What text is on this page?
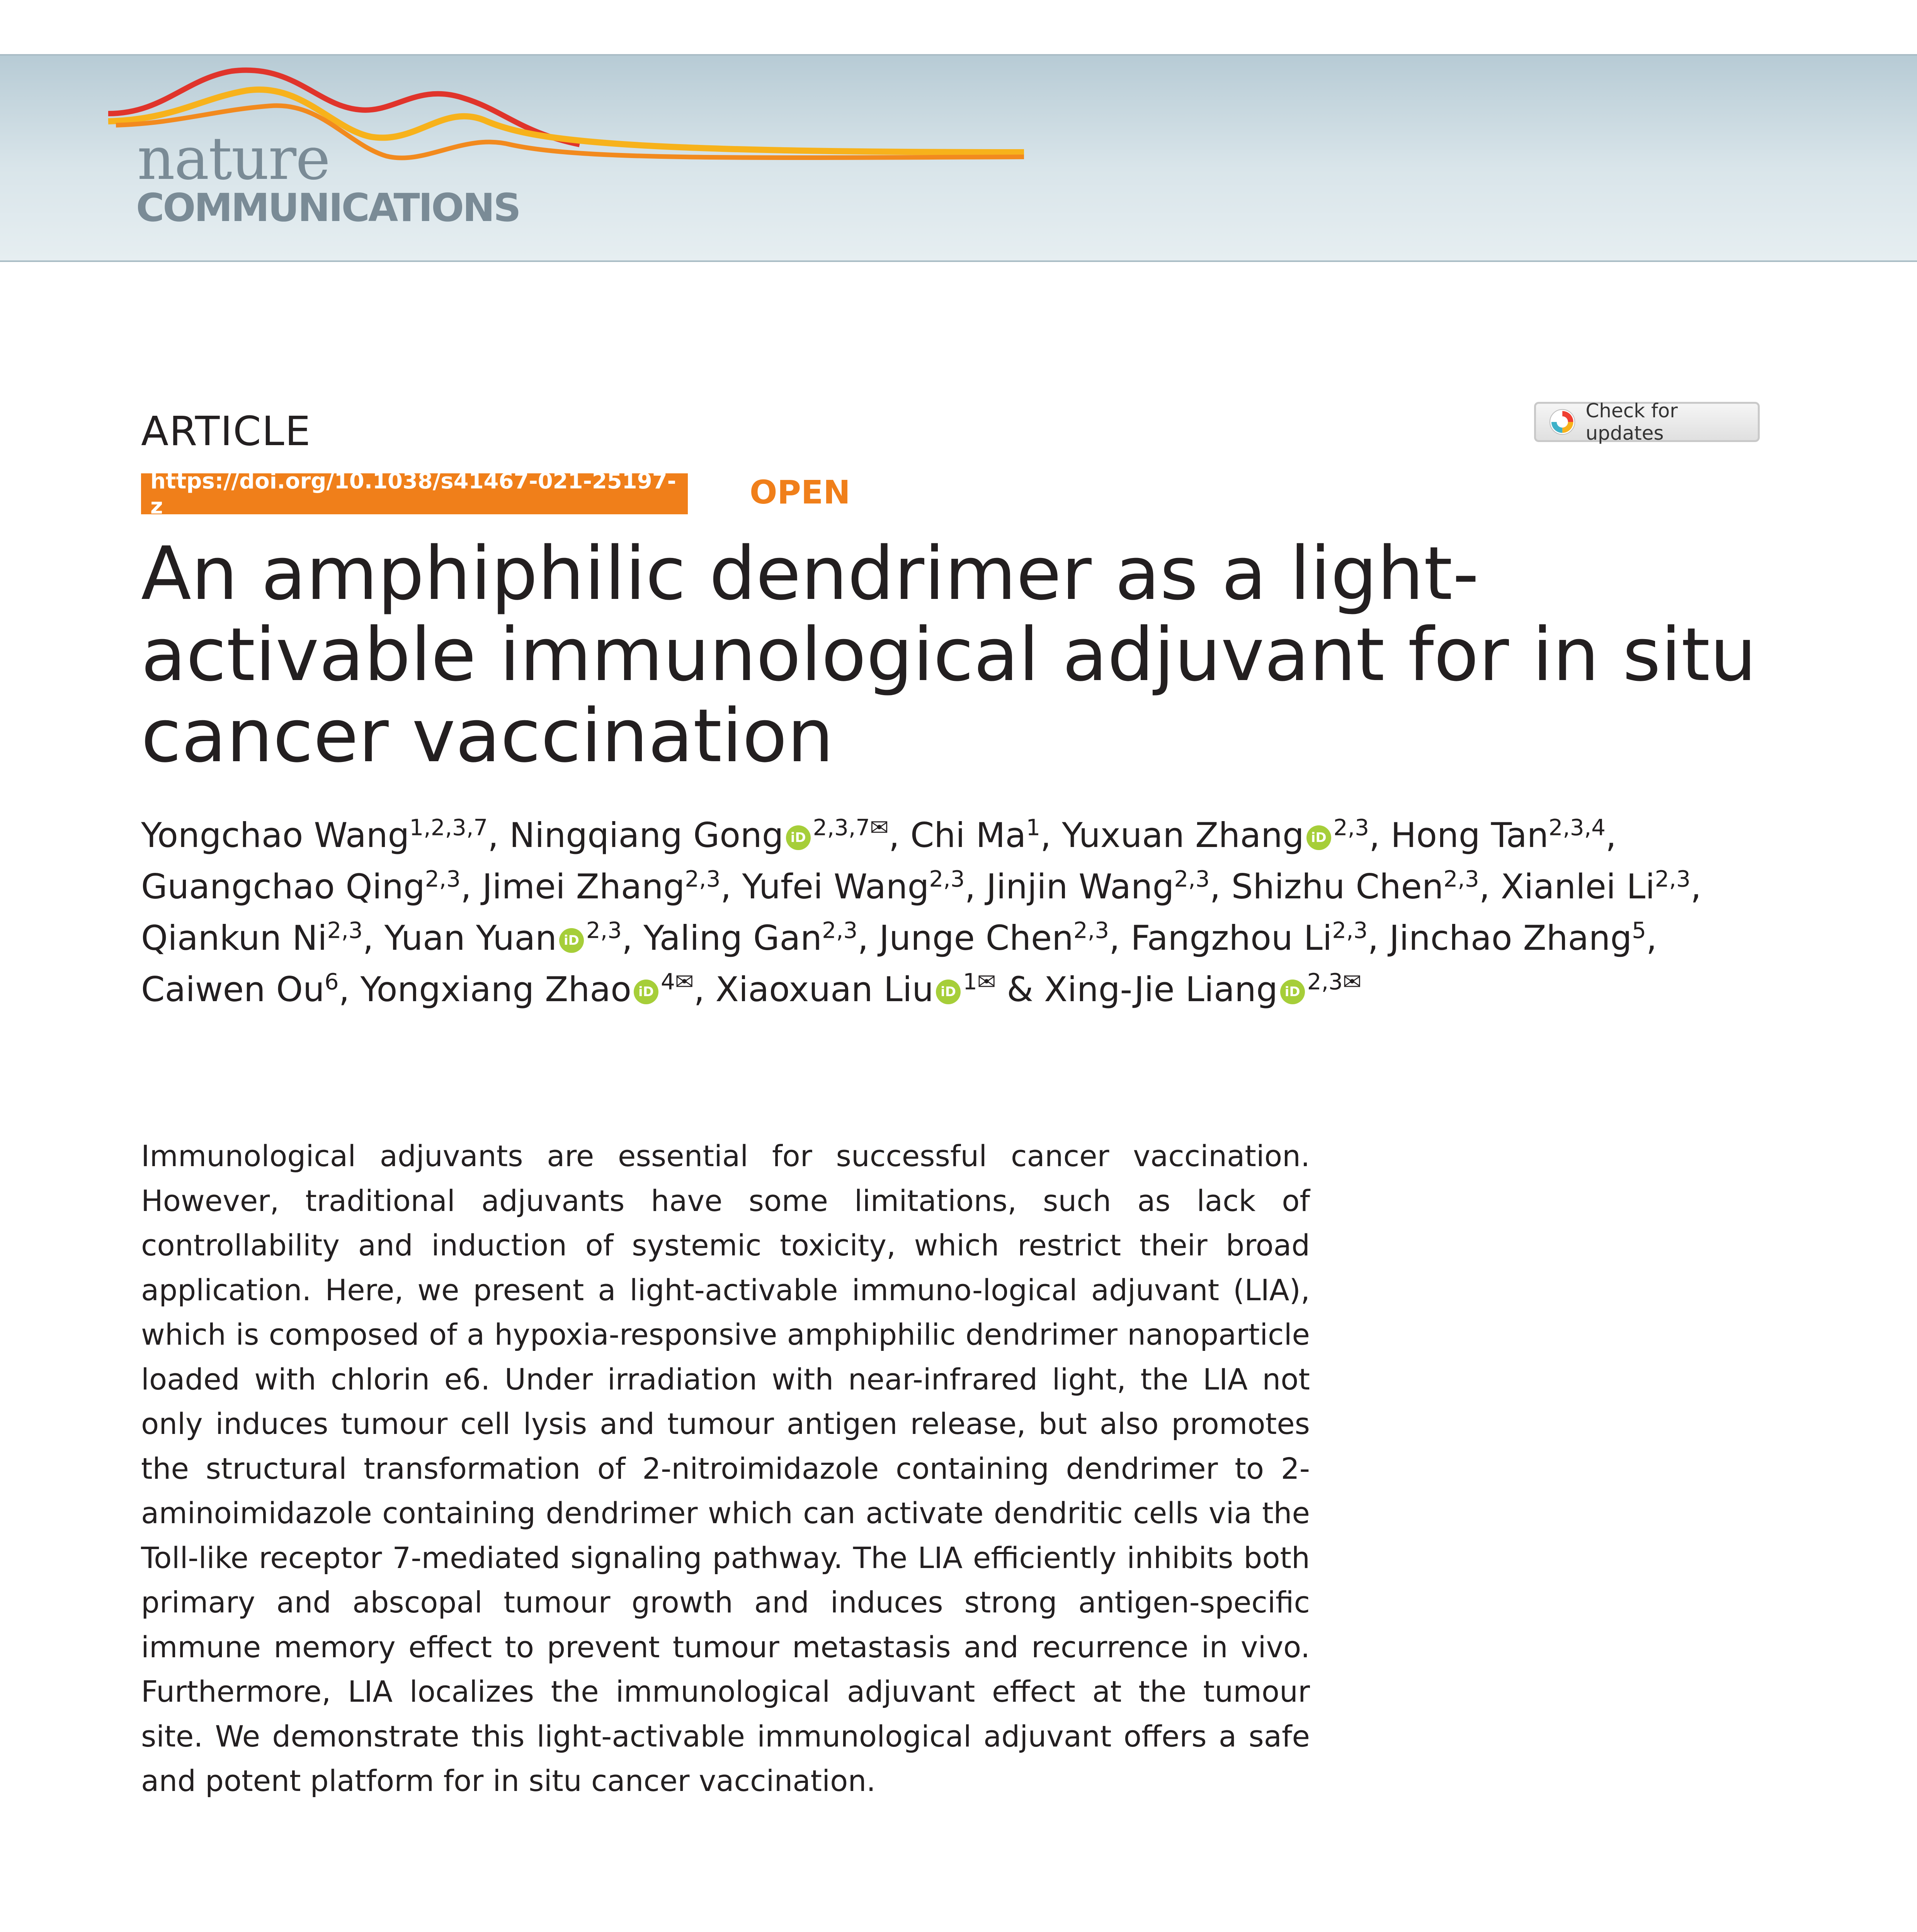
nature
COMMUNICATIONS
ARTICLE	Check for updates
https://doi.org/10.1038/s41467-021-25197-z	OPEN
An amphiphilic dendrimer as a light-activable immunological adjuvant for in situ cancer vaccination
Yongchao Wang$^{1,2,3,7}$, Ningqiang Gong iD $^{2,3,7✉}$, Chi Ma$^1$, Yuxuan Zhang iD $^{2,3}$, Hong Tan$^{2,3,4}$, Guangchao Qing$^{2,3}$, Jimei Zhang$^{2,3}$, Yufei Wang$^{2,3}$, Jinjin Wang$^{2,3}$, Shizhu Chen$^{2,3}$, Xianlei Li$^{2,3}$, Qiankun Ni$^{2,3}$, Yuan Yuan iD $^{2,3}$, Yaling Gan$^{2,3}$, Junge Chen$^{2,3}$, Fangzhou Li$^{2,3}$, Jinchao Zhang$^5$, Caiwen Ou$^6$, Yongxiang Zhao iD $^{4✉}$, Xiaoxuan Liu iD $^{1✉}$ & Xing-Jie Liang iD $^{2,3✉}$
Immunological adjuvants are essential for successful cancer vaccination. However, traditional adjuvants have some limitations, such as lack of controllability and induction of systemic toxicity, which restrict their broad application. Here, we present a light-activable immuno-logical adjuvant (LIA), which is composed of a hypoxia-responsive amphiphilic dendrimer nanoparticle loaded with chlorin e6. Under irradiation with near-infrared light, the LIA not only induces tumour cell lysis and tumour antigen release, but also promotes the structural transformation of 2-nitroimidazole containing dendrimer to 2-aminoimidazole containing dendrimer which can activate dendritic cells via the Toll-like receptor 7-mediated signaling pathway. The LIA efficiently inhibits both primary and abscopal tumour growth and induces strong antigen-specific immune memory effect to prevent tumour metastasis and recurrence in vivo. Furthermore, LIA localizes the immunological adjuvant effect at the tumour site. We demonstrate this light-activable immunological adjuvant offers a safe and potent platform for in situ cancer vaccination.
